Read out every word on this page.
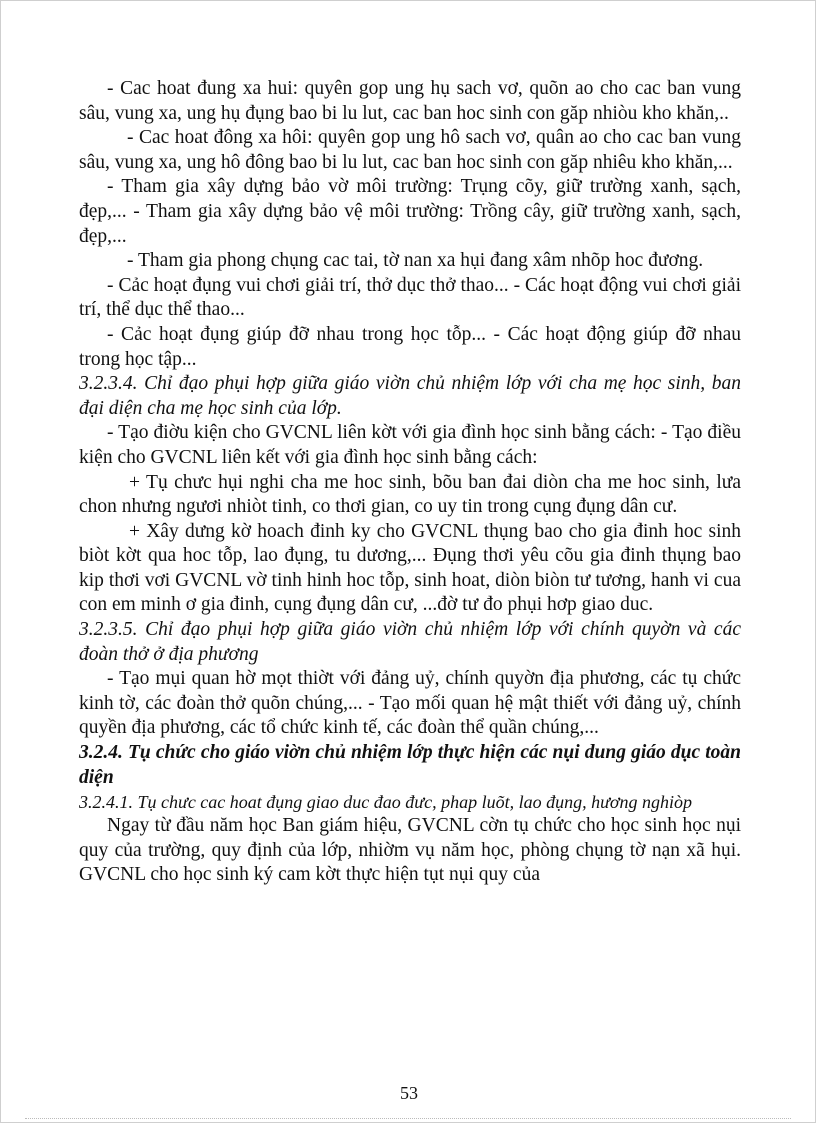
- Cac hoat đung xa hui: quyên gop ung hụ sach vơ, quõn ao cho cac ban vung sâu, vung xa, ung hụ đụng bao bi lu lut, cac ban hoc sinh con găp nhiòu kho khăn,..

- Cac hoat đông xa hôi: quyên gop ung hô sach vơ, quân ao cho cac ban vung sâu, vung xa, ung hô đông bao bi lu lut, cac ban hoc sinh con găp nhiêu kho khăn,...

- Tham gia xây dựng bảo vờ môi trường: Trụng cõy, giữ trường xanh, sạch, đẹp,... - Tham gia xây dựng bảo vệ môi trường: Trồng cây, giữ trường xanh, sạch, đẹp,...

- Tham gia phong chụng cac tai, tờ nan xa hụi đang xâm nhõp hoc đương.

- Cảc hoạt đụng vui chơi giải trí, thở dục thở thao... - Các hoạt động vui chơi giải trí, thể dục thể thao...

- Cảc hoạt đụng giúp đỡ nhau trong học tỗp... - Các hoạt động giúp đỡ nhau trong học tập...

3.2.3.4. Chỉ đạo phụi hợp giữa giáo viờn chủ nhiệm lớp với cha mẹ học sinh, ban đại diện cha mẹ học sinh của lớp.

- Tạo điờu kiện cho GVCNL liên kờt với gia đình học sinh bằng cách: - Tạo điều kiện cho GVCNL liên kết với gia đình học sinh bằng cách:

+ Tụ chưc hụi nghi cha me hoc sinh, bõu ban đai diòn cha me hoc sinh, lưa chon nhưng ngươi nhiòt tinh, co thơi gian, co uy tin trong cụng đụng dân cư.

+ Xây dưng kờ hoach đinh ky cho GVCNL thụng bao cho gia đinh hoc sinh biòt kờt qua hoc tỗp, lao đụng, tu dương,... Đụng thơi yêu cõu gia đinh thụng bao kip thơi vơi GVCNL vờ tinh hinh hoc tỗp, sinh hoat, diòn biòn tư tương, hanh vi cua con em minh ơ gia đinh, cụng đụng dân cư, ...đờ tư đo phụi hơp giao duc.

3.2.3.5. Chỉ đạo phụi hợp giữa giáo viờn chủ nhiệm lớp với chính quyờn và các đoàn thở ở địa phương

- Tạo mụi quan hờ mọt thiờt với đảng uỷ, chính quyờn địa phương, các tụ chức kinh tờ, các đoàn thở quõn chúng,... - Tạo mối quan hệ mật thiết với đảng uỷ, chính quyền địa phương, các tổ chức kinh tế, các đoàn thể quần chúng,...

3.2.4. Tụ chức cho giáo viờn chủ nhiệm lớp thực hiện các nụi dung giáo dục toàn diện

3.2.4.1. Tụ chưc cac hoat đụng giao duc đao đưc, phap luõt, lao đụng, hương nghiòp

Ngay từ đầu năm học Ban giám hiệu, GVCNL cờn tụ chức cho học sinh học nụi quy của trường, quy định của lớp, nhiờm vụ năm học, phòng chụng tờ nạn xã hụi. GVCNL cho học sinh ký cam kờt thực hiện tụt nụi quy của

53
